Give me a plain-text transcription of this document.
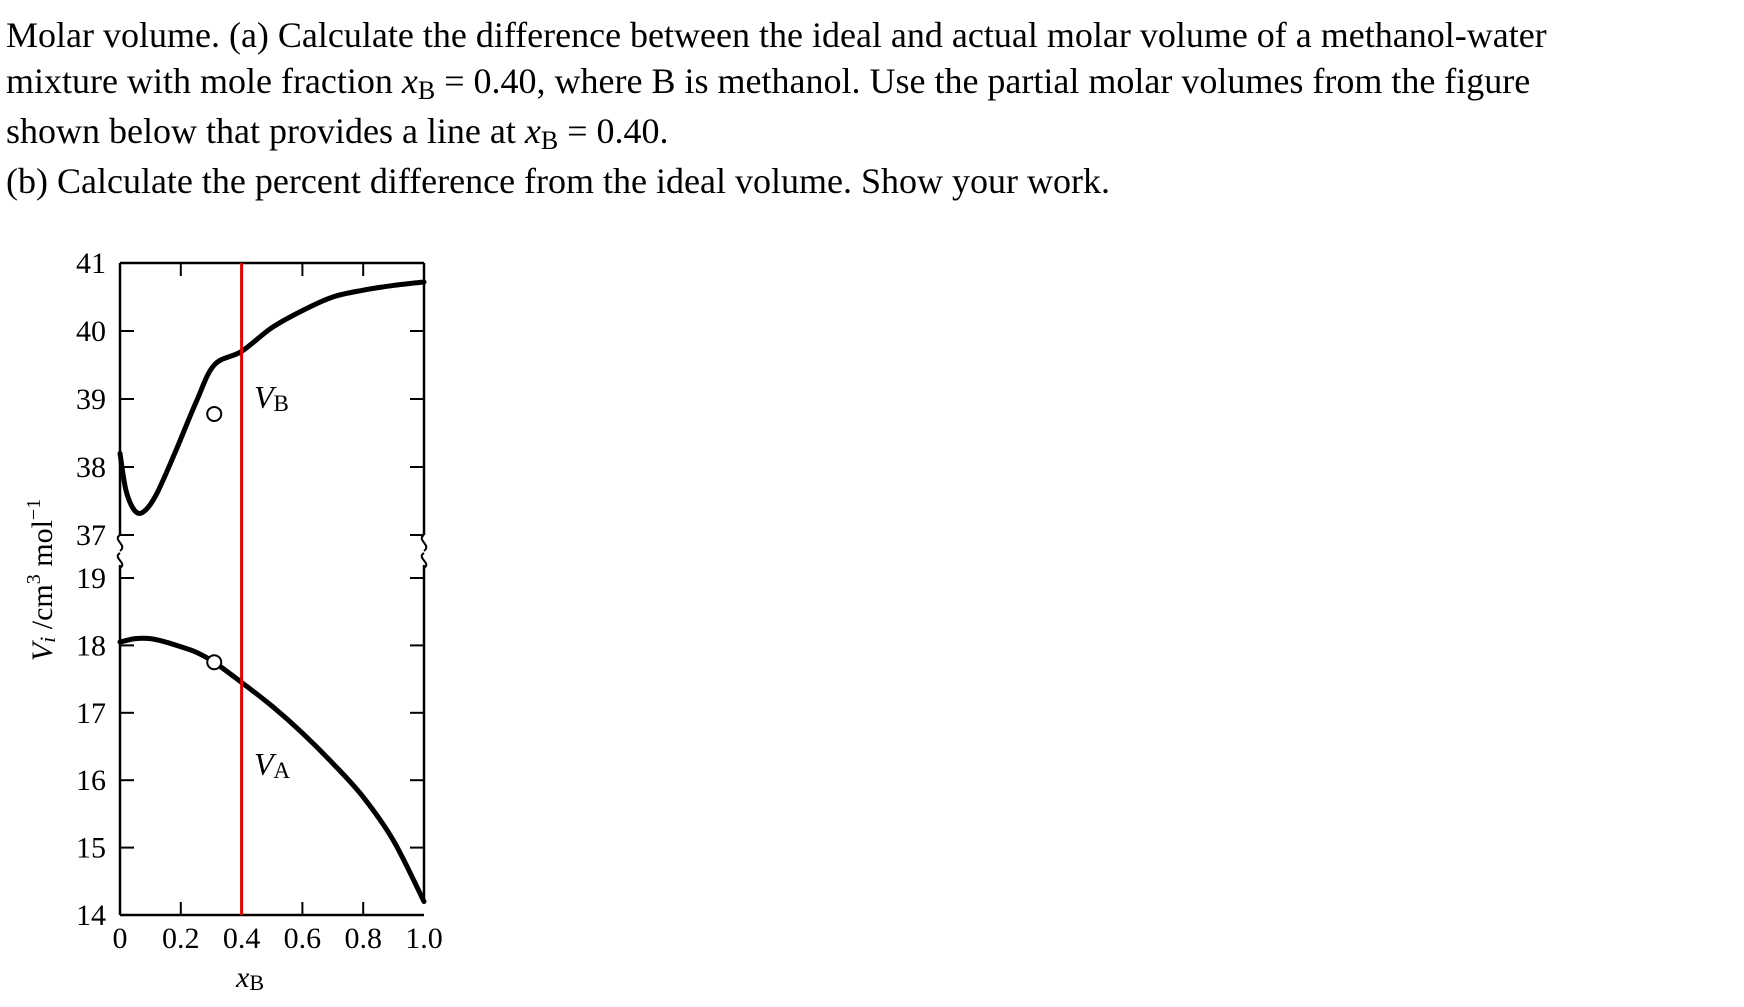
Molar volume. (a) Calculate the difference between the ideal and actual molar volume of a methanol-water

mixture with mole fraction $x_B = 0.40$, where B is methanol. Use the partial molar volumes from the figure

shown below that provides a line at $x_B = 0.40$.

(b) Calculate the percent difference from the ideal volume. Show your work.

0 0.2 0.4 0.6 0.8 1.0
41
40
39
38
37
19
18
17
16
15
14
VB
VA
xB
Vi $/cm^3$ mol$^{-1}$
